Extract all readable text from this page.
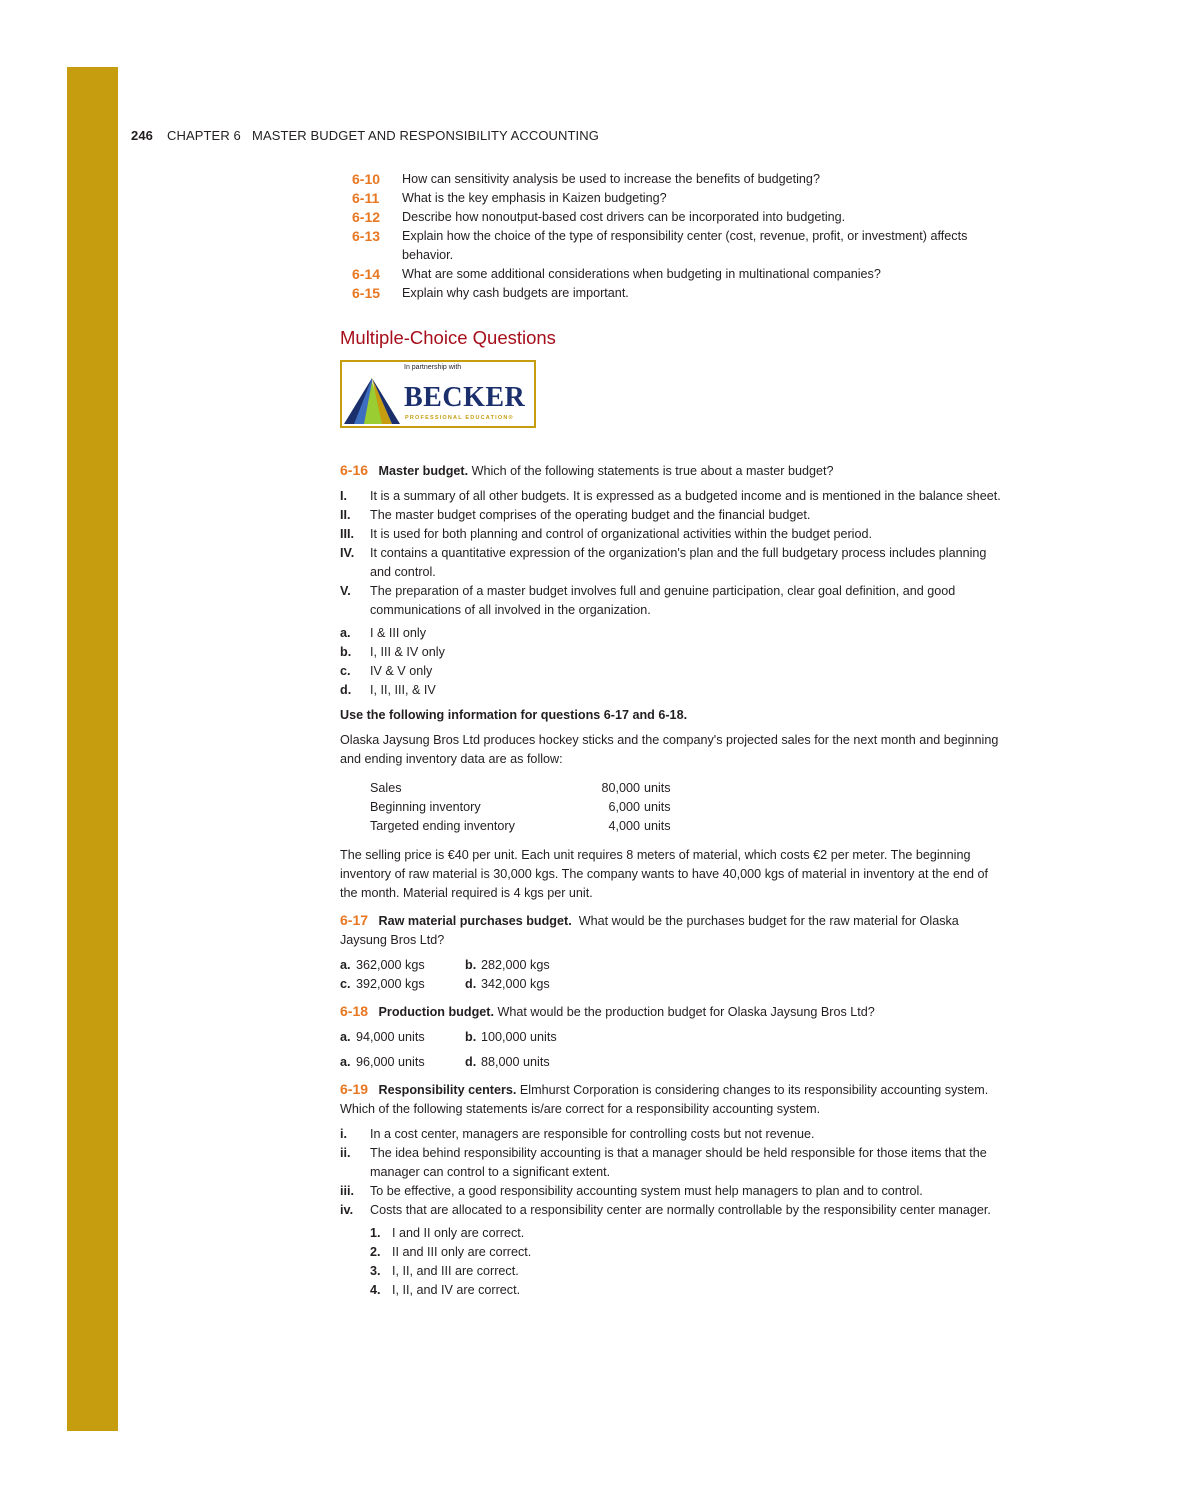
246 CHAPTER 6 MASTER BUDGET AND RESPONSIBILITY ACCOUNTING
6-10	How can sensitivity analysis be used to increase the benefits of budgeting?
6-11	What is the key emphasis in Kaizen budgeting?
6-12	Describe how nonoutput-based cost drivers can be incorporated into budgeting.
6-13	Explain how the choice of the type of responsibility center (cost, revenue, profit, or investment) affects behavior.
6-14	What are some additional considerations when budgeting in multinational companies?
6-15	Explain why cash budgets are important.
Multiple-Choice Questions
In partnership with
BECKER
PROFESSIONAL EDUCATION®

6-16 Master budget. Which of the following statements is true about a master budget?

I.	It is a summary of all other budgets. It is expressed as a budgeted income and is mentioned in the balance sheet.
II.	The master budget comprises of the operating budget and the financial budget.
III.	It is used for both planning and control of organizational activities within the budget period.
IV.	It contains a quantitative expression of the organization's plan and the full budgetary process includes planning and control.
V.	The preparation of a master budget involves full and genuine participation, clear goal definition, and good communications of all involved in the organization.
a.	I & III only
b.	I, III & IV only
c.	IV & V only
d.	I, II, III, & IV

Use the following information for questions 6-17 and 6-18.

Olaska Jaysung Bros Ltd produces hockey sticks and the company's projected sales for the next month and beginning and ending inventory data are as follow:

Sales	80,000 units
Beginning inventory	6,000 units
Targeted ending inventory	4,000 units

The selling price is €40 per unit. Each unit requires 8 meters of material, which costs €2 per meter. The beginning inventory of raw material is 30,000 kgs. The company wants to have 40,000 kgs of material in inventory at the end of the month. Material required is 4 kgs per unit.

6-17 Raw material purchases budget. What would be the purchases budget for the raw material for Olaska Jaysung Bros Ltd?

a. 362,000 kgs	b. 282,000 kgs
c. 392,000 kgs	d. 342,000 kgs

6-18 Production budget. What would be the production budget for Olaska Jaysung Bros Ltd?

a. 94,000 units	b. 100,000 units
a. 96,000 units	d. 88,000 units

6-19 Responsibility centers. Elmhurst Corporation is considering changes to its responsibility accounting system. Which of the following statements is/are correct for a responsibility accounting system.

i.	In a cost center, managers are responsible for controlling costs but not revenue.
ii.	The idea behind responsibility accounting is that a manager should be held responsible for those items that the manager can control to a significant extent.
iii.	To be effective, a good responsibility accounting system must help managers to plan and to control.
iv.	Costs that are allocated to a responsibility center are normally controllable by the responsibility center manager.
1. I and II only are correct.
2. II and III only are correct.
3. I, II, and III are correct.
4. I, II, and IV are correct.
